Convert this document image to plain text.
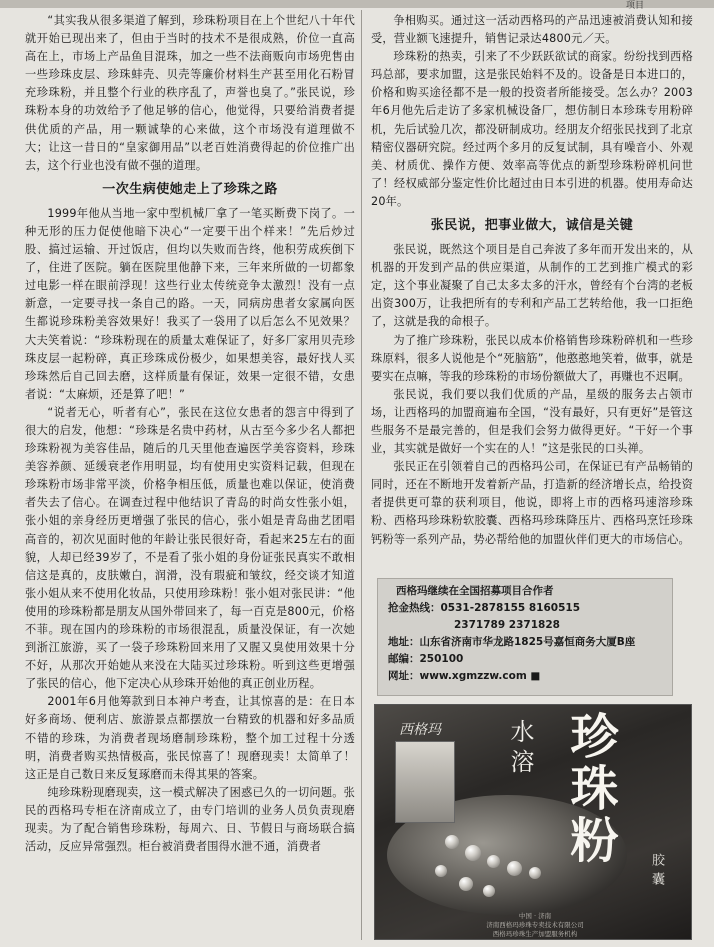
项目

“其实我从很多渠道了解到，珍珠粉项目在上个世纪八十年代就开始已现出来了，但由于当时的技术不是很成熟，价位一直高高在上，市场上产品鱼目混珠，加之一些不法商贩向市场兜售由一些珍珠皮层、珍珠蚌壳、贝壳等廉价材料生产甚至用化石粉冒充珍珠粉，并且整个行业的秩序乱了，声誉也臭了。”张民说，珍珠粉本身的功效给予了他足够的信心，他觉得，只要给消费者提供优质的产品，用一颗诚挚的心来做，这个市场没有道理做不大；让这一昔日的“皇家御用品”以老百姓消费得起的价位推广出去，这个行业也没有做不强的道理。

一次生病使她走上了珍珠之路

1999年他从当地一家中型机械厂拿了一笔买断费下岗了。一种无形的压力促使他暗下决心“一定要干出个样来！”先后炒过股、搞过运输、开过饭店，但均以失败而告终，他积劳成疾倒下了，住进了医院。躺在医院里他静下来，三年来所做的一切都象过电影一样在眼前浮现！这些行业太传统竞争太激烈！没有一点新意，一定要寻找一条自己的路。一天，同病房患者女家属向医生都说珍珠粉美容效果好！我买了一袋用了以后怎么不见效果？大夫笑着说：“珍珠粉现在的质量太难保证了，好多厂家用贝壳珍珠皮层一起粉碎，真正珍珠成份极少，如果想美容，最好找人买珍珠然后自己回去磨，这样质量有保证，效果一定很不错，女患者说：“太麻烦，还是算了吧！”

“说者无心，听者有心”，张民在这位女患者的怨言中得到了很大的启发，他想：“珍珠是名贵中药材，从古至今多少名人都把珍珠粉视为美容佳品，随后的几天里他查遍医学美容资料，珍珠美容养颜、延缓衰老作用明显，均有使用史实资料记载，但现在珍珠粉市场非常平淡，价格争相压低，质量也难以保证，使消费者失去了信心。在调查过程中他结识了青岛的时尚女性张小姐，张小姐的亲身经历更增强了张民的信心，张小姐是青岛曲艺团唱高音的，初次见面时他的年龄让张民很好奇，看起来25左右的面貌，人却已经39岁了，不是看了张小姐的身份证张民真实不敢相信这是真的，皮肤嫩白，润滑，没有瑕疵和皱纹，经交谈才知道张小姐从来不使用化妆品，只使用珍珠粉！张小姐对张民讲：“他使用的珍珠粉都是朋友从国外带回来了，每一百克是800元，价格不菲。现在国内的珍珠粉的市场很混乱，质量没保证，有一次她到浙江旅游，买了一袋子珍珠粉回来用了又腥又臭使用效果十分不好，从那次开始她从来没在大陆买过珍珠粉。听到这些更增强了张民的信心，他下定决心从珍珠开始他的真正创业历程。

2001年6月他筹款到日本神户考查，让其惊喜的是：在日本好多商场、便利店、旅游景点都摆放一台精致的机器和好多品质不错的珍珠，为消费者现场磨制珍珠粉，整个加工过程十分透明，消费者购买热情极高，张民惊喜了！现磨现卖！太简单了！这正是自己数日来反复琢磨而未得其果的答案。

纯珍珠粉现磨现卖，这一模式解决了困惑已久的一切问题。张民的西格玛专柜在济南成立了，由专门培训的业务人员负责现磨现卖。为了配合销售珍珠粉，每周六、日、节假日与商场联合搞活动，反应异常强烈。柜台被消费者围得水泄不通，消费者

争相购买。通过这一活动西格玛的产品迅速被消费认知和接受，营业额飞速提升，销售记录达4800元／天。

珍珠粉的热卖，引来了不少跃跃欲试的商家。纷纷找到西格玛总部，要求加盟，这是张民始料不及的。设备是日本进口的，价格和购买途径都不是一般的投资者所能接受。怎么办？2003年6月他先后走访了多家机械设备厂，想仿制日本珍珠专用粉碎机，先后试验几次，都没研制成功。经朋友介绍张民找到了北京精密仪器研究院。经过两个多月的反复试制，具有噪音小、外观美、材质优、操作方便、效率高等优点的新型珍珠粉碎机问世了！经权威部分鉴定性价比超过由日本引进的机器。使用寿命达20年。

张民说，把事业做大，诚信是关键

张民说，既然这个项目是自己奔波了多年而开发出来的，从机器的开发到产品的供应渠道，从制作的工艺到推广模式的彩定，这个事业凝聚了自己太多太多的汗水，曾经有个台湾的老板出资300万，让我把所有的专利和产品工艺转给他，我一口拒绝了，这就是我的命根子。

为了推广珍珠粉，张民以成本价格销售珍珠粉碎机和一些珍珠原料，很多人说他是个“死脑筋”，他憨憨地笑着，做事，就是要实在点嘛，等我的珍珠粉的市场份额做大了，再赚也不迟啊。

张民说，我们要以我们优质的产品，星级的服务去占领市场，让西格玛的加盟商遍布全国，“没有最好，只有更好”是管这些服务不是最完善的，但是我们会努力做得更好。“干好一个事业，其实就是做好一个实在的人！”这是张民的口头禅。

张民正在引领着自己的西格玛公司，在保证已有产品畅销的同时，还在不断地开发着新产品，打造新的经济增长点，给投资者提供更可靠的获利项目，他说，即将上市的西格玛速溶珍珠粉、西格玛珍珠粉软胶囊、西格玛珍珠降压片、西格玛烹饪珍珠钙粉等一系列产品，势必帮给他的加盟伙伴们更大的市场信心。

西格玛继续在全国招募项目合作者
抢金热线：0531-2878155 8160515
2371789 2371828
地址：山东省济南市华龙路1825号嘉恒商务大厦B座
邮编：250100
网址：www.xgmzzw.com ■
西格玛	水溶 珍珠粉
胶囊
中国 · 济南
济南西格玛珍珠专卖技术有限公司
西格玛珍珠生产加盟服务机构
